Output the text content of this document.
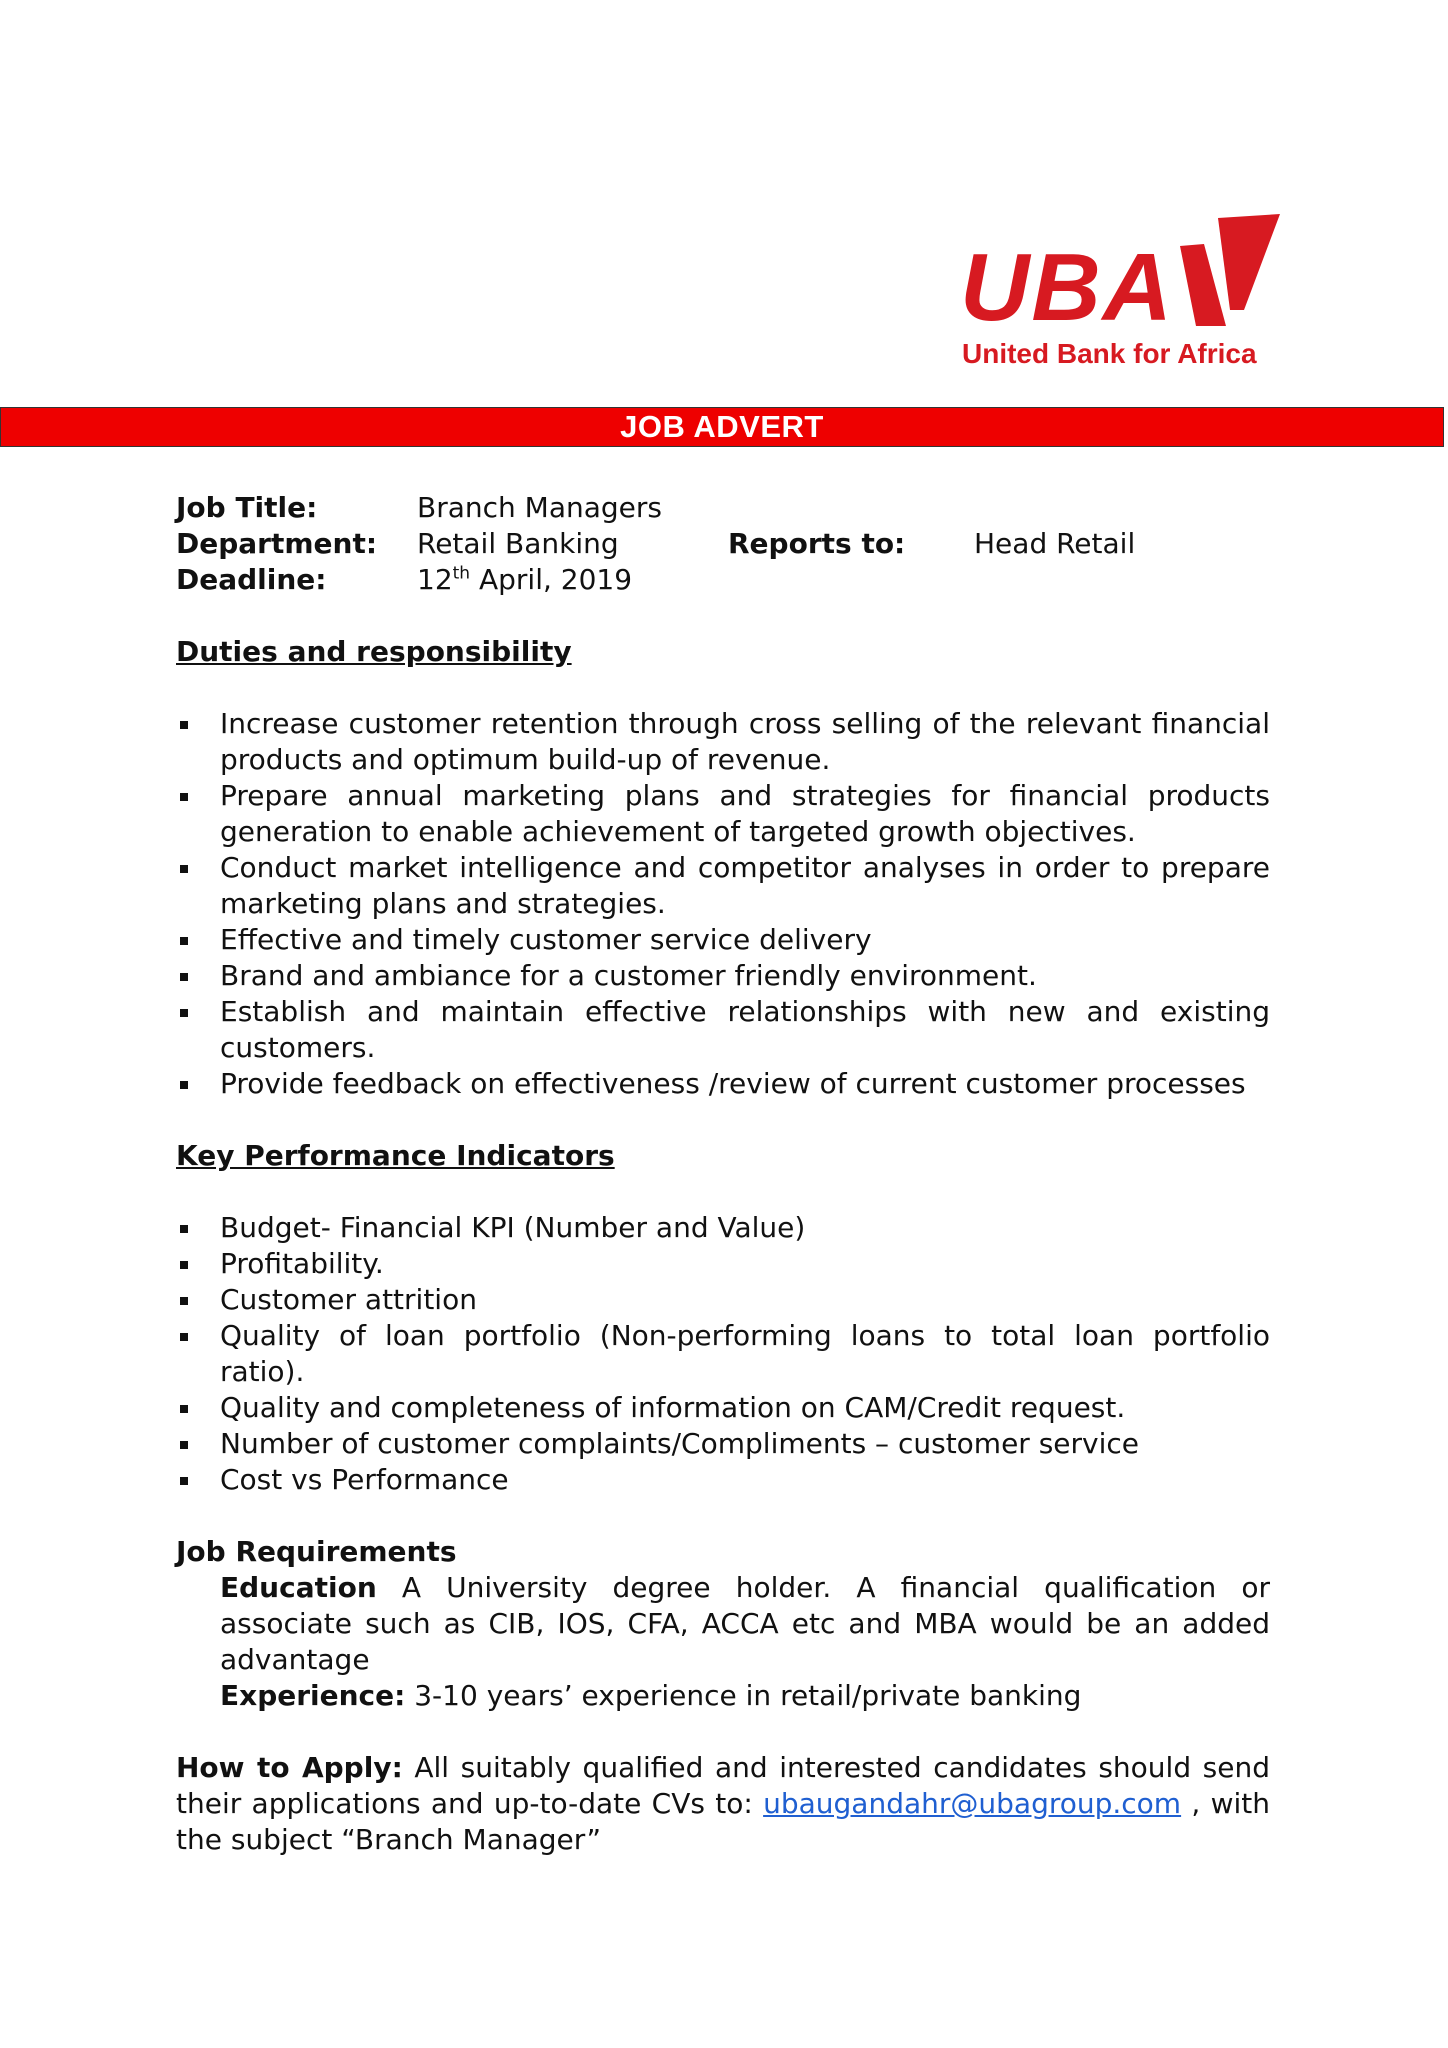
UBA
United Bank for Africa
JOB ADVERT
Job Title:	Branch Managers
Department: Retail Banking	Reports to: Head Retail
Deadline:	12th April, 2019
Duties and responsibility
Increase customer retention through cross selling of the relevant financial products and optimum build-up of revenue.
Prepare annual marketing plans and strategies for financial products generation to enable achievement of targeted growth objectives.
Conduct market intelligence and competitor analyses in order to prepare marketing plans and strategies.
Effective and timely customer service delivery
Brand and ambiance for a customer friendly environment.
Establish and maintain effective relationships with new and existing customers.
Provide feedback on effectiveness /review of current customer processes
Key Performance Indicators
Budget- Financial KPI (Number and Value)
Profitability.
Customer attrition
Quality of loan portfolio (Non-performing loans to total loan portfolio ratio).
Quality and completeness of information on CAM/Credit request.
Number of customer complaints/Compliments – customer service
Cost vs Performance
Job Requirements
Education A University degree holder. A financial qualification or associate such as CIB, IOS, CFA, ACCA etc and MBA would be an added advantage
Experience: 3-10 years’ experience in retail/private banking
How to Apply: All suitably qualified and interested candidates should send their applications and up-to-date CVs to: ubaugandahr@ubagroup.com , with the subject “Branch Manager”
